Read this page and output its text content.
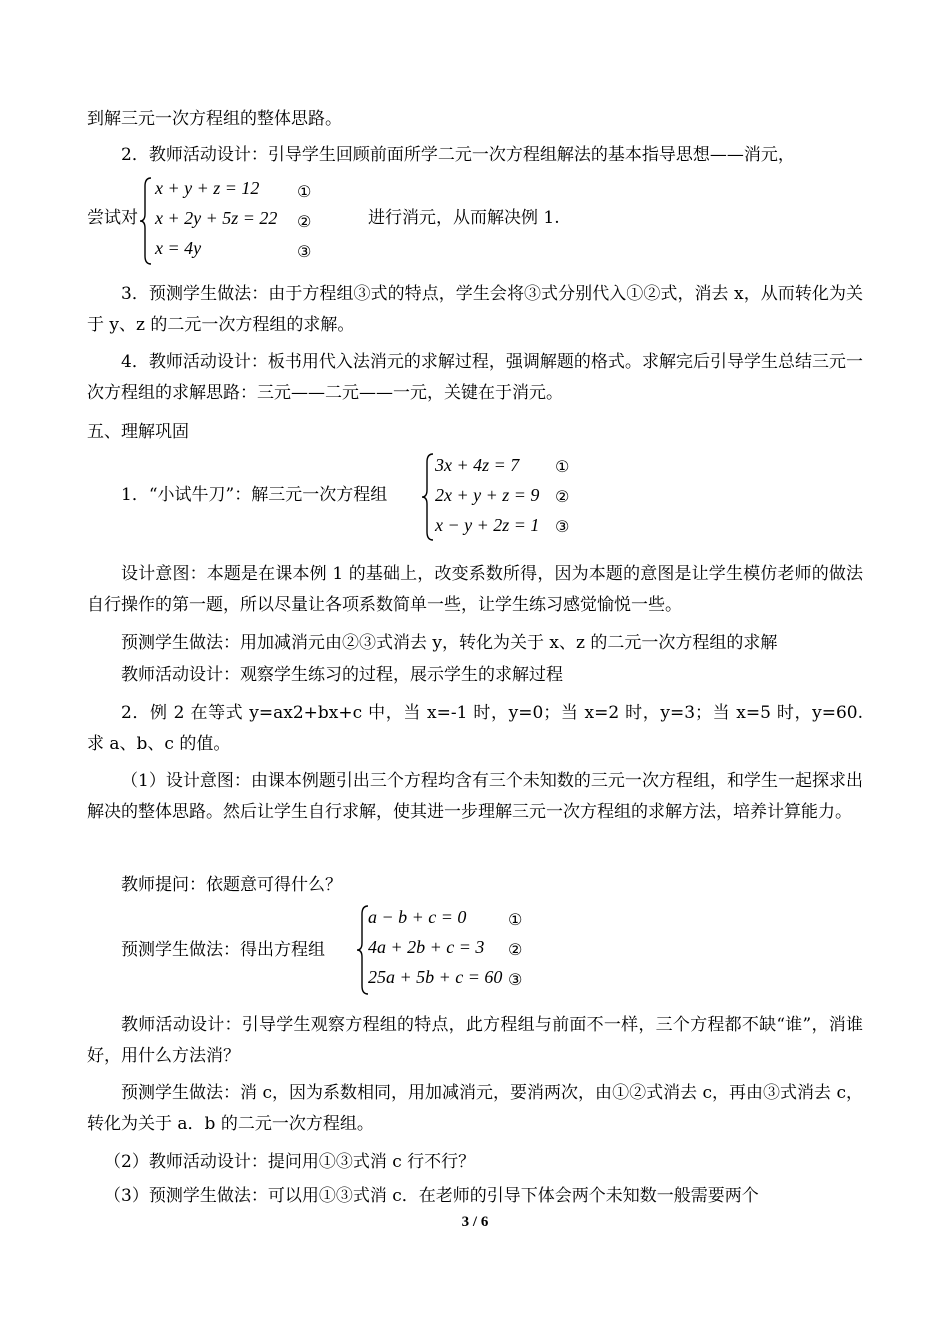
到解三元一次方程组的整体思路。

2．教师活动设计：引导学生回顾前面所学二元一次方程组解法的基本指导思想——消元，

尝试对
x + y + z = 12
x + 2y + 5z = 22
x = 4y
①
②
③
进行消元，从而解决例 1.

3．预测学生做法：由于方程组③式的特点，学生会将③式分别代入①②式，消去 x，从而转化为关于 y、z 的二元一次方程组的求解。

4．教师活动设计：板书用代入法消元的求解过程，强调解题的格式。求解完后引导学生总结三元一次方程组的求解思路：三元——二元——一元，关键在于消元。

五、理解巩固

1．“小试牛刀”：解三元一次方程组
3x + 4z = 7
2x + y + z = 9
x − y + 2z = 1
①
②
③

设计意图：本题是在课本例 1 的基础上，改变系数所得，因为本题的意图是让学生模仿老师的做法自行操作的第一题，所以尽量让各项系数简单一些，让学生练习感觉愉悦一些。

预测学生做法：用加减消元由②③式消去 y，转化为关于 x、z 的二元一次方程组的求解

教师活动设计：观察学生练习的过程，展示学生的求解过程

2．例 2 在等式 y=ax2+bx+c 中，当 x=-1 时，y=0；当 x=2 时，y=3；当 x=5 时，y=60. 求 a、b、c 的值。

（1）设计意图：由课本例题引出三个方程均含有三个未知数的三元一次方程组，和学生一起探求出解决的整体思路。然后让学生自行求解，使其进一步理解三元一次方程组的求解方法，培养计算能力。

教师提问：依题意可得什么？

预测学生做法：得出方程组
a − b + c = 0
4a + 2b + c = 3
25a + 5b + c = 60
①
②
③

教师活动设计：引导学生观察方程组的特点，此方程组与前面不一样，三个方程都不缺“谁”，消谁好，用什么方法消？

预测学生做法：消 c，因为系数相同，用加减消元，要消两次，由①②式消去 c，再由③式消去 c，转化为关于 a．b 的二元一次方程组。

（2）教师活动设计：提问用①③式消 c 行不行？

（3）预测学生做法：可以用①③式消 c．在老师的引导下体会两个未知数一般需要两个

3 / 6
